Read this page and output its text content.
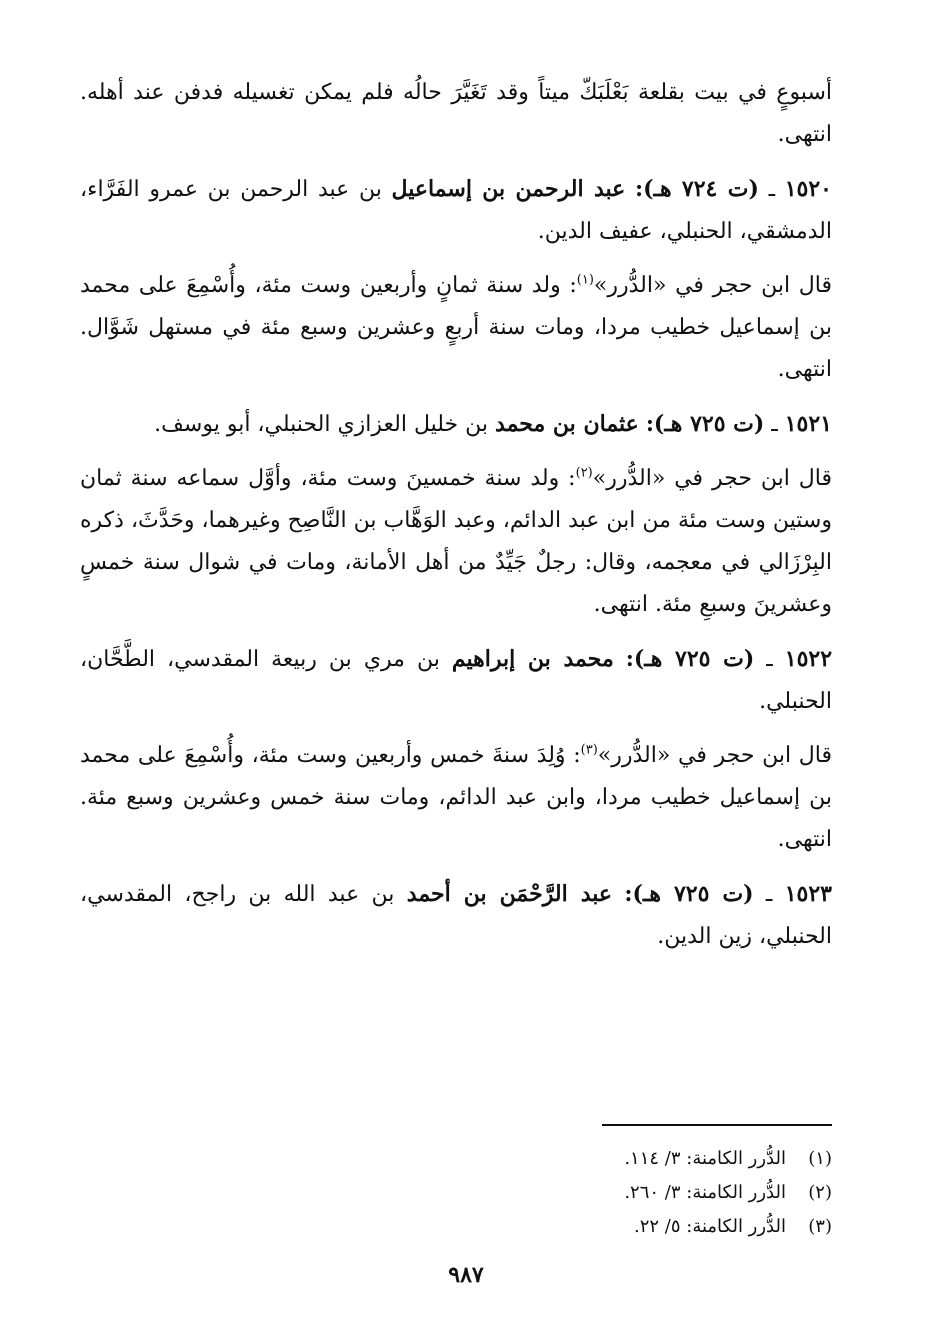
أسبوعٍ في بيت بقلعة بَعْلَبَكّ ميتاً وقد تَغَيَّرَ حالُه فلم يمكن تغسيله فدفن عند أهله. انتهى.

١٥٢٠ ـ (ت ٧٢٤ هـ): عبد الرحمن بن إسماعيل بن عبد الرحمن بن عمرو الفَرَّاء، الدمشقي، الحنبلي، عفيف الدين.

قال ابن حجر في «الدُّرر»$^{(١)}$: ولد سنة ثمانٍ وأربعين وست مئة، وأُسْمِعَ على محمد بن إسماعيل خطيب مردا، ومات سنة أربعٍ وعشرين وسبع مئة في مستهل شَوَّال. انتهى.

١٥٢١ ـ (ت ٧٢٥ هـ): عثمان بن محمد بن خليل العزازي الحنبلي، أبو يوسف.

قال ابن حجر في «الدُّرر»$^{(٢)}$: ولد سنة خمسينَ وست مئة، وأوَّل سماعه سنة ثمان وستين وست مئة من ابن عبد الدائم، وعبد الوَهَّاب بن النَّاصِح وغيرهما، وحَدَّثَ، ذكره البِرْزَالي في معجمه، وقال: رجلٌ جَيِّدٌ من أهل الأمانة، ومات في شوال سنة خمسٍ وعشرينَ وسبعِ مئة. انتهى.

١٥٢٢ ـ (ت ٧٢٥ هـ): محمد بن إبراهيم بن مري بن ربيعة المقدسي، الطَّحَّان، الحنبلي.

قال ابن حجر في «الدُّرر»$^{(٣)}$: وُلِدَ سنةَ خمس وأربعين وست مئة، وأُسْمِعَ على محمد بن إسماعيل خطيب مردا، وابن عبد الدائم، ومات سنة خمس وعشرين وسبع مئة. انتهى.

١٥٢٣ ـ (ت ٧٢٥ هـ): عبد الرَّحْمَن بن أحمد بن عبد الله بن راجح، المقدسي، الحنبلي، زين الدين.

(١)الدُّرر الكامنة: ٣/ ١١٤.
(٢)الدُّرر الكامنة: ٣/ ٢٦٠.
(٣)الدُّرر الكامنة: ٥/ ٢٢.
٩٨٧
